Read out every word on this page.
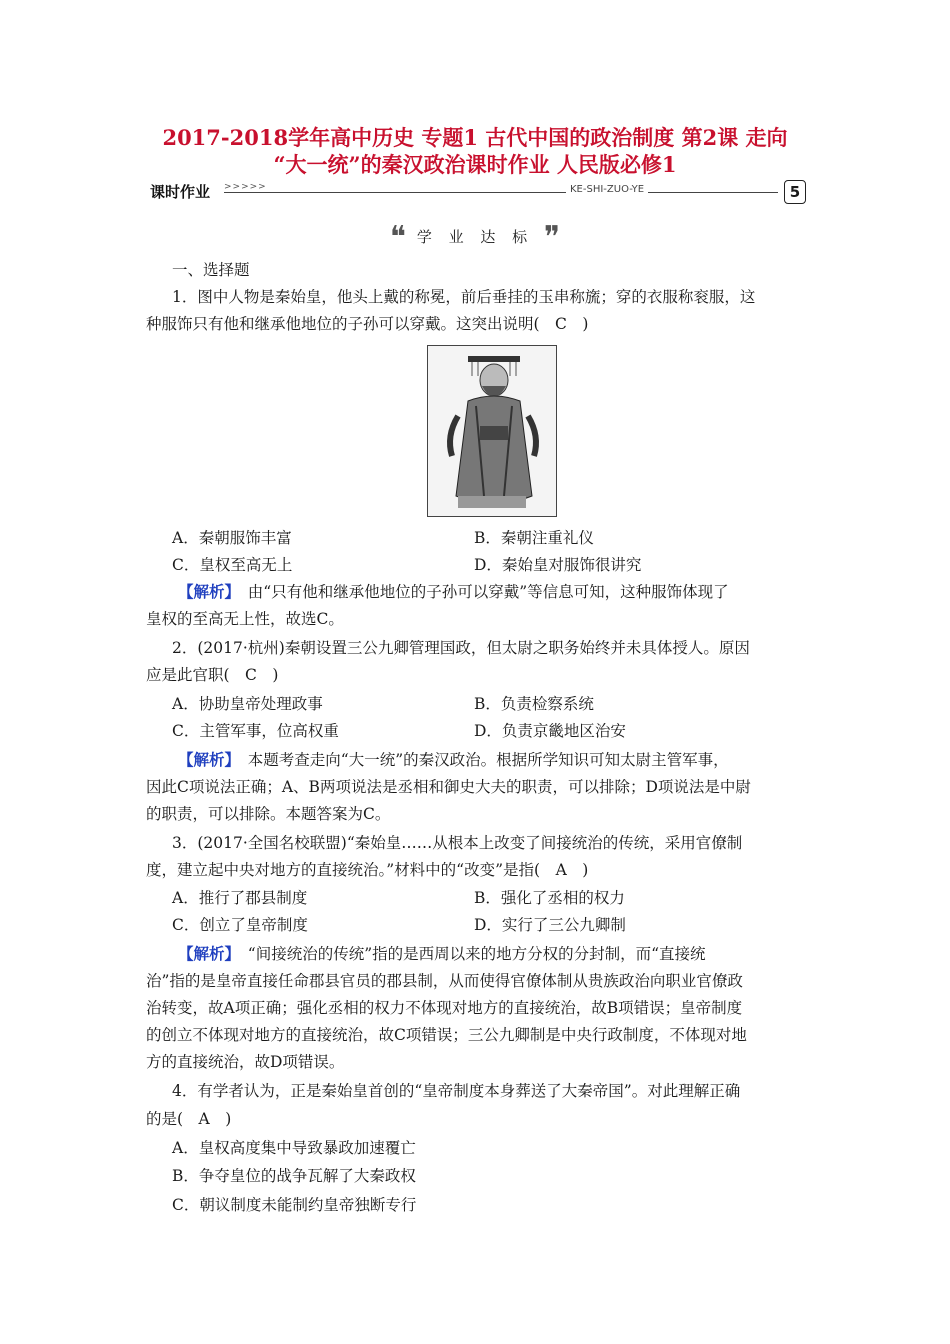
2017-2018学年高中历史 专题1 古代中国的政治制度 第2课 走向
“大一统”的秦汉政治课时作业 人民版必修1
课时作业 >>>>>	KE-SHI-ZUO-YE	5
❝ 学 业 达 标 ❞
一、选择题
1．图中人物是秦始皇，他头上戴的称冕，前后垂挂的玉串称旒；穿的衣服称衮服，这
种服饰只有他和继承他地位的子孙可以穿戴。这突出说明(　C　)
A．秦朝服饰丰富	B．秦朝注重礼仪
C．皇权至高无上	D．秦始皇对服饰很讲究
【解析】　由“只有他和继承他地位的子孙可以穿戴”等信息可知，这种服饰体现了
皇权的至高无上性，故选C。
2．(2017·杭州)秦朝设置三公九卿管理国政，但太尉之职务始终并未具体授人。原因
应是此官职(　C　)
A．协助皇帝处理政事	B．负责检察系统
C．主管军事，位高权重	D．负责京畿地区治安
【解析】　本题考查走向“大一统”的秦汉政治。根据所学知识可知太尉主管军事，
因此C项说法正确；A、B两项说法是丞相和御史大夫的职责，可以排除；D项说法是中尉
的职责，可以排除。本题答案为C。
3．(2017·全国名校联盟)“秦始皇……从根本上改变了间接统治的传统，采用官僚制
度，建立起中央对地方的直接统治。”材料中的“改变”是指(　A　)
A．推行了郡县制度	B．强化了丞相的权力
C．创立了皇帝制度	D．实行了三公九卿制
【解析】　“间接统治的传统”指的是西周以来的地方分权的分封制，而“直接统
治”指的是皇帝直接任命郡县官员的郡县制，从而使得官僚体制从贵族政治向职业官僚政
治转变，故A项正确；强化丞相的权力不体现对地方的直接统治，故B项错误；皇帝制度
的创立不体现对地方的直接统治，故C项错误；三公九卿制是中央行政制度，不体现对地
方的直接统治，故D项错误。
4．有学者认为，正是秦始皇首创的“皇帝制度本身葬送了大秦帝国”。对此理解正确
的是(　A　)
A．皇权高度集中导致暴政加速覆亡
B．争夺皇位的战争瓦解了大秦政权
C．朝议制度未能制约皇帝独断专行
